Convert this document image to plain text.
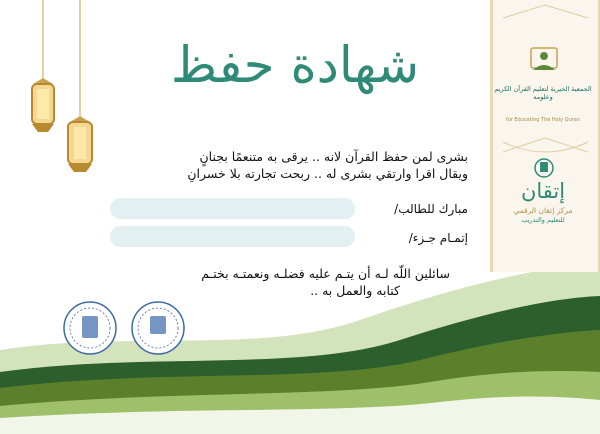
الجمعية الخيرية لتعليم القرآن الكريم وعلومه
for Educating The Holy Quran
إتقان
مركز إتقان الرقمي
للتعليم والتدريب
شهادة حفظ
بشرى لمن حفظ القرآن لانه .. يرقى به متنعمًا بجنانٍ
ويقال اقرا وارتقي بشرى له .. ربحت تجارته بلا خسرانِ
مبارك للطالب/
إتمـام جـزء/
سائلين اللّه لـه أن يتـم عليه فضلـه ونعمتـه بختـم
كتابه والعمل به ..
